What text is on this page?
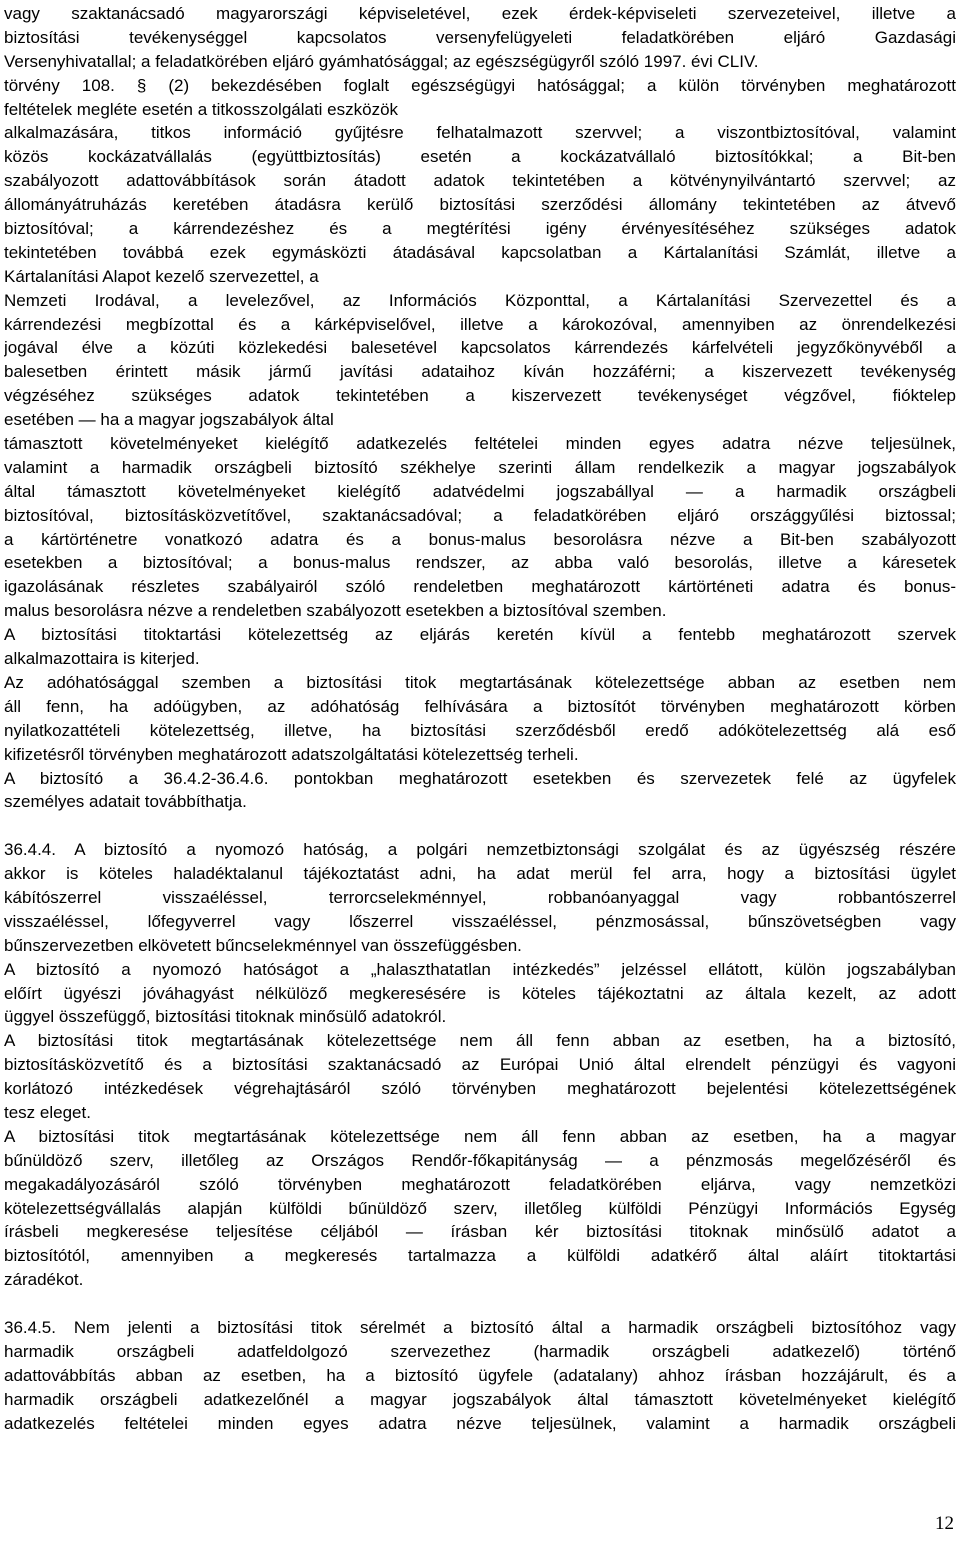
vagy szaktanácsadó magyarországi képviseletével, ezek érdek-képviseleti szervezeteivel, illetve a
biztosítási tevékenységgel kapcsolatos versenyfelügyeleti feladatkörében eljáró Gazdasági
Versenyhivatallal; a feladatkörében eljáró gyámhatósággal; az egészségügyről szóló 1997. évi CLIV.
törvény 108. § (2) bekezdésében foglalt egészségügyi hatósággal; a külön törvényben meghatározott
feltételek megléte esetén a titkosszolgálati eszközök
alkalmazására, titkos információ gyűjtésre felhatalmazott szervvel; a viszontbiztosítóval, valamint
közös kockázatvállalás (együttbiztosítás) esetén a kockázatvállaló biztosítókkal; a Bit-ben
szabályozott adattovábbítások során átadott adatok tekintetében a kötvénynyilvántartó szervvel; az
állományátruházás keretében átadásra kerülő biztosítási szerződési állomány tekintetében az átvevő
biztosítóval; a kárrendezéshez és a megtérítési igény érvényesítéséhez szükséges adatok
tekintetében továbbá ezek egymásközti átadásával kapcsolatban a Kártalanítási Számlát, illetve a
Kártalanítási Alapot kezelő szervezettel, a
Nemzeti Irodával, a levelezővel, az Információs Központtal, a Kártalanítási Szervezettel és a
kárrendezési megbízottal és a kárképviselővel, illetve a károkozóval, amennyiben az önrendelkezési
jogával élve a közúti közlekedési balesetével kapcsolatos kárrendezés kárfelvételi jegyzőkönyvéből a
balesetben érintett másik jármű javítási adataihoz kíván hozzáférni; a kiszervezett tevékenység
végzéséhez szükséges adatok tekintetében a kiszervezett tevékenységet végzővel, fióktelep
esetében — ha a magyar jogszabályok által
támasztott követelményeket kielégítő adatkezelés feltételei minden egyes adatra nézve teljesülnek,
valamint a harmadik országbeli biztosító székhelye szerinti állam rendelkezik a magyar jogszabályok
által támasztott követelményeket kielégítő adatvédelmi jogszabállyal — a harmadik országbeli
biztosítóval, biztosításközvetítővel, szaktanácsadóval; a feladatkörében eljáró országgyűlési biztossal;
a kártörténetre vonatkozó adatra és a bonus-malus besorolásra nézve a Bit-ben szabályozott
esetekben a biztosítóval; a bonus-malus rendszer, az abba való besorolás, illetve a káresetek
igazolásának részletes szabályairól szóló rendeletben meghatározott kártörténeti adatra és bonus-
malus besorolásra nézve a rendeletben szabályozott esetekben a biztosítóval szemben.
A biztosítási titoktartási kötelezettség az eljárás keretén kívül a fentebb meghatározott szervek
alkalmazottaira is kiterjed.
Az adóhatósággal szemben a biztosítási titok megtartásának kötelezettsége abban az esetben nem
áll fenn, ha adóügyben, az adóhatóság felhívására a biztosítót törvényben meghatározott körben
nyilatkozattételi kötelezettség, illetve, ha biztosítási szerződésből eredő adókötelezettség alá eső
kifizetésről törvényben meghatározott adatszolgáltatási kötelezettség terheli.
A biztosító a 36.4.2-36.4.6. pontokban meghatározott esetekben és szervezetek felé az ügyfelek
személyes adatait továbbíthatja.
36.4.4. A biztosító a nyomozó hatóság, a polgári nemzetbiztonsági szolgálat és az ügyészség részére
akkor is köteles haladéktalanul tájékoztatást adni, ha adat merül fel arra, hogy a biztosítási ügylet
kábítószerrel visszaéléssel, terrorcselekménnyel, robbanóanyaggal vagy robbantószerrel
visszaéléssel, lőfegyverrel vagy lőszerrel visszaéléssel, pénzmosással, bűnszövetségben vagy
bűnszervezetben elkövetett bűncselekménnyel van összefüggésben.
A biztosító a nyomozó hatóságot a „halaszthatatlan intézkedés” jelzéssel ellátott, külön jogszabályban
előírt ügyészi jóváhagyást nélkülöző megkeresésére is köteles tájékoztatni az általa kezelt, az adott
üggyel összefüggő, biztosítási titoknak minősülő adatokról.
A biztosítási titok megtartásának kötelezettsége nem áll fenn abban az esetben, ha a biztosító,
biztosításközvetítő és a biztosítási szaktanácsadó az Európai Unió által elrendelt pénzügyi és vagyoni
korlátozó intézkedések végrehajtásáról szóló törvényben meghatározott bejelentési kötelezettségének
tesz eleget.
A biztosítási titok megtartásának kötelezettsége nem áll fenn abban az esetben, ha a magyar
bűnüldöző szerv, illetőleg az Országos Rendőr-főkapitányság — a pénzmosás megelőzéséről és
megakadályozásáról szóló törvényben meghatározott feladatkörében eljárva, vagy nemzetközi
kötelezettségvállalás alapján külföldi bűnüldöző szerv, illetőleg külföldi Pénzügyi Információs Egység
írásbeli megkeresése teljesítése céljából — írásban kér biztosítási titoknak minősülő adatot a
biztosítótól, amennyiben a megkeresés tartalmazza a külföldi adatkérő által aláírt titoktartási
záradékot.
36.4.5. Nem jelenti a biztosítási titok sérelmét a biztosító által a harmadik országbeli biztosítóhoz vagy
harmadik országbeli adatfeldolgozó szervezethez (harmadik országbeli adatkezelő) történő
adattovábbítás abban az esetben, ha a biztosító ügyfele (adatalany) ahhoz írásban hozzájárult, és a
harmadik országbeli adatkezelőnél a magyar jogszabályok által támasztott követelményeket kielégítő
adatkezelés feltételei minden egyes adatra nézve teljesülnek, valamint a harmadik országbeli
12
